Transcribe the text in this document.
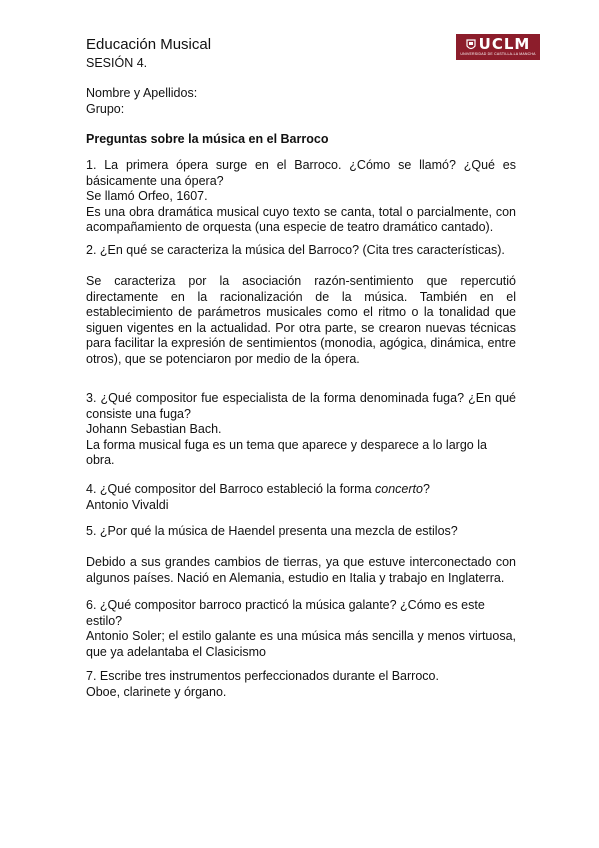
Educación Musical
SESIÓN 4.
UCLM
UNIVERSIDAD DE CASTILLA-LA MANCHA
Nombre y Apellidos:
Grupo:
Preguntas sobre la música en el Barroco

1. La primera ópera surge en el Barroco. ¿Cómo se llamó? ¿Qué es básicamente una ópera?

Se llamó Orfeo, 1607.

Es una obra dramática musical cuyo texto se canta, total o parcialmente, con acompañamiento de orquesta (una especie de teatro dramático cantado).

2. ¿En qué se caracteriza la música del Barroco? (Cita tres características).

Se caracteriza por la asociación razón-sentimiento que repercutió directamente en la racionalización de la música. También en el establecimiento de parámetros musicales como el ritmo o la tonalidad que siguen vigentes en la actualidad. Por otra parte, se crearon nuevas técnicas para facilitar la expresión de sentimientos (monodia, agógica, dinámica, entre otros), que se potenciaron por medio de la ópera.

3. ¿Qué compositor fue especialista de la forma denominada fuga? ¿En qué consiste una fuga?

Johann Sebastian Bach.

La forma musical fuga es un tema que aparece y desparece a lo largo la obra.

4. ¿Qué compositor del Barroco estableció la forma concerto?

Antonio Vivaldi

5. ¿Por qué la música de Haendel presenta una mezcla de estilos?

Debido a sus grandes cambios de tierras, ya que estuve interconectado con algunos países. Nació en Alemania, estudio en Italia y trabajo en Inglaterra.

6. ¿Qué compositor barroco practicó la música galante? ¿Cómo es este estilo?

Antonio Soler; el estilo galante es una música más sencilla y menos virtuosa, que ya adelantaba el Clasicismo

7. Escribe tres instrumentos perfeccionados durante el Barroco.

Oboe, clarinete y órgano.
